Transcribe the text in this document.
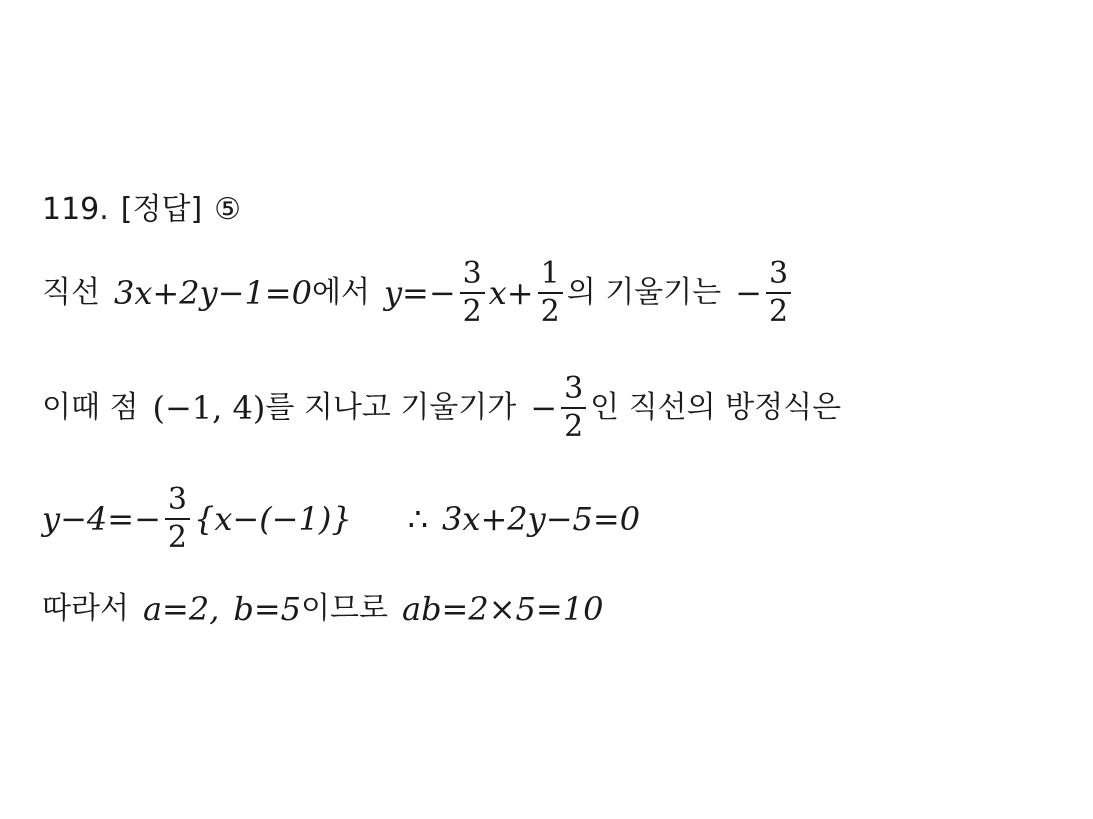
119. [정답] ⑤
직선 3x+2y−1=0 에서 $y=- \frac{3}{2} x+ \frac{1}{2}$ 의 기울기는 − $\frac{3}{2}$
이때 점 (−1, 4) 를 지나고 기울기가 − $\frac{3}{2}$ 인 직선의 방정식은
$y-4=- \frac{3}{2} \{x-(-1)\}$ ∴ 3x+2y−5=0
따라서 a=2, b=5 이므로 ab=2×5=10
